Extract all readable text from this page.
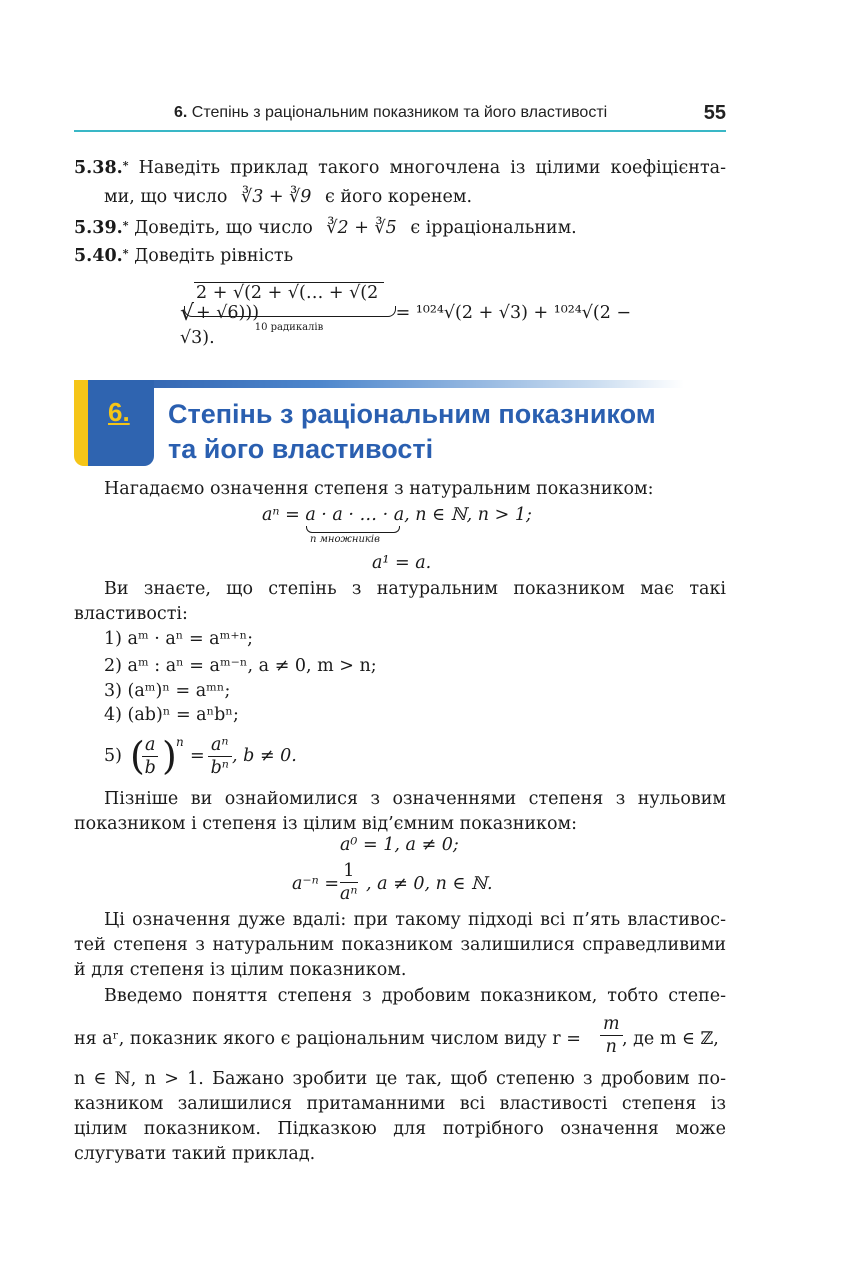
6. Степінь з раціональним показником та його властивості	55
5.38.* Наведіть приклад такого многочлена із цілими коефіцієнта-
ми, що число ∛3 + ∛9 є його коренем.
5.39.* Доведіть, що число ∛2 + ∛5 є ірраціональним.
5.40.* Доведіть рівність
√2 + √(2 + √(… + √(2 + √6)))	= ¹⁰²⁴√(2 + √3) + ¹⁰²⁴√(2 − √3).
10 радикалів
6. Степінь з раціональним показником
та його властивості
Нагадаємо означення степеня з натуральним показником:
aⁿ = a · a · … · a, n ∈ ℕ, n > 1;
n множників
a¹ = a.
Ви знаєте, що степінь з натуральним показником має такі
властивості:
1) aᵐ · aⁿ = aᵐ⁺ⁿ;
2) aᵐ : aⁿ = aᵐ⁻ⁿ, a ≠ 0, m > n;
3) (aᵐ)ⁿ = aᵐⁿ;
4) (ab)ⁿ = aⁿbⁿ;
5) (
$\frac{a}{b}$ ) n
= $\frac{\text{aⁿ}}{\text{bⁿ}}$ , b ≠ 0.
Пізніше ви ознайомилися з означеннями степеня з нульовим
показником і степеня із цілим від’ємним показником:
a⁰ = 1, a ≠ 0;
$a^{-n} = \frac{1}{\text{aⁿ}}$ , a ≠ 0, n ∈ ℕ.
Ці означення дуже вдалі: при такому підході всі п’ять властивос-
тей степеня з натуральним показником залишилися справедливими
й для степеня із цілим показником.
Введемо поняття степеня з дробовим показником, тобто степе-
ня aʳ, показник якого є раціональним числом виду $r = \frac{m}{n}$ , де m ∈ ℤ,
n ∈ ℕ, n > 1. Бажано зробити це так, щоб степеню з дробовим по-
казником залишилися притаманними всі властивості степеня із
цілим показником. Підказкою для потрібного означення може
слугувати такий приклад.
